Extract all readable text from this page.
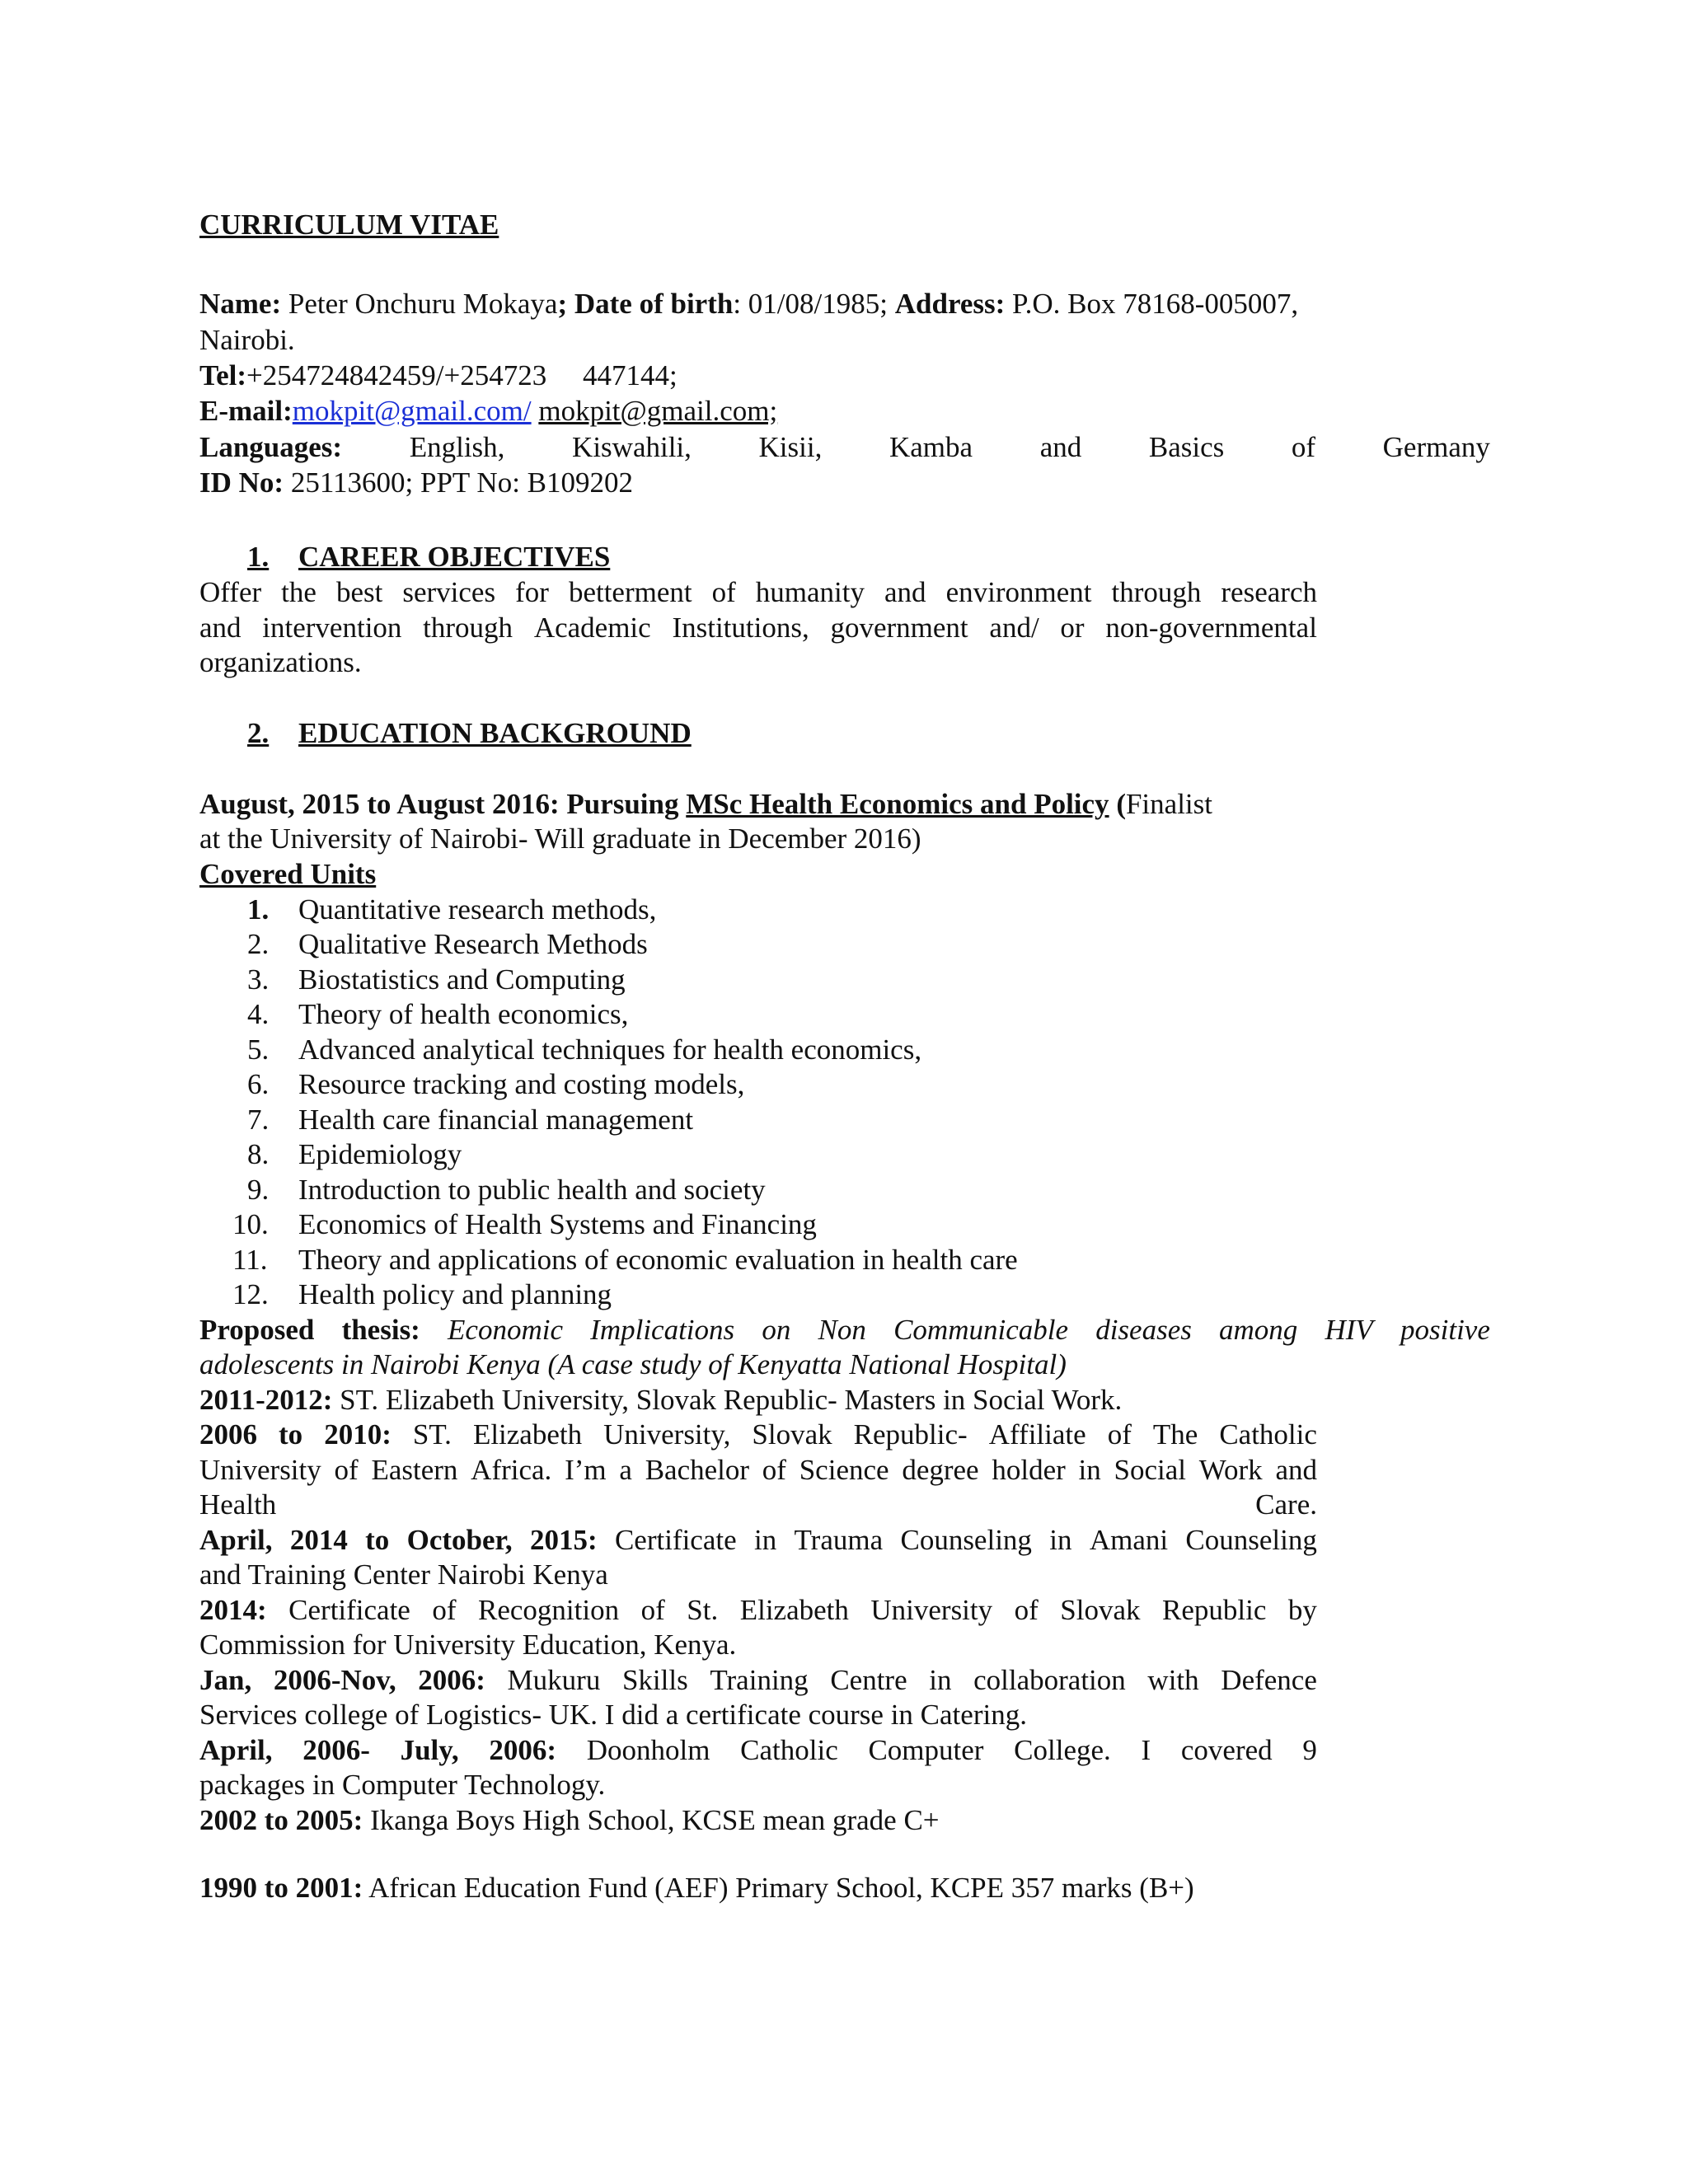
CURRICULUM VITAE
Name: Peter Onchuru Mokaya; Date of birth: 01/08/1985; Address: P.O. Box 78168-005007,
Nairobi.
Tel:+254724842459/+254723     447144;
E-mail:mokpit@gmail.com/ mokpit@gmail.com;
Languages: English, Kiswahili, Kisii, Kamba and Basics of Germany
ID No: 25113600; PPT No: B109202
1. CAREER OBJECTIVES
Offer the best services for betterment of humanity and environment through research
and intervention through Academic Institutions, government and/ or non-governmental
organizations.
2. EDUCATION BACKGROUND
August, 2015 to August 2016: Pursuing MSc Health Economics and Policy (Finalist
at the University of Nairobi- Will graduate in December 2016)
Covered Units
1. Quantitative research methods,
2. Qualitative Research Methods
3. Biostatistics and Computing
4. Theory of health economics,
5. Advanced analytical techniques for health economics,
6. Resource tracking and costing models,
7. Health care financial management
8. Epidemiology
9. Introduction to public health and society
10. Economics of Health Systems and Financing
11. Theory and applications of economic evaluation in health care
12. Health policy and planning
Proposed thesis: Economic Implications on Non Communicable diseases among HIV positive
adolescents in Nairobi Kenya (A case study of Kenyatta National Hospital)
2011-2012: ST. Elizabeth University, Slovak Republic- Masters in Social Work.
2006 to 2010: ST. Elizabeth University, Slovak Republic- Affiliate of The Catholic
University of Eastern Africa. I’m a Bachelor of Science degree holder in Social Work and
Health	Care.
April, 2014 to October, 2015: Certificate in Trauma Counseling in Amani Counseling
and Training Center Nairobi Kenya
2014: Certificate of Recognition of St. Elizabeth University of Slovak Republic by
Commission for University Education, Kenya.
Jan, 2006-Nov, 2006: Mukuru Skills Training Centre in collaboration with Defence
Services college of Logistics- UK. I did a certificate course in Catering.
April, 2006- July, 2006: Doonholm Catholic Computer College. I covered 9
packages in Computer Technology.
2002 to 2005: Ikanga Boys High School, KCSE mean grade C+
1990 to 2001: African Education Fund (AEF) Primary School, KCPE 357 marks (B+)
